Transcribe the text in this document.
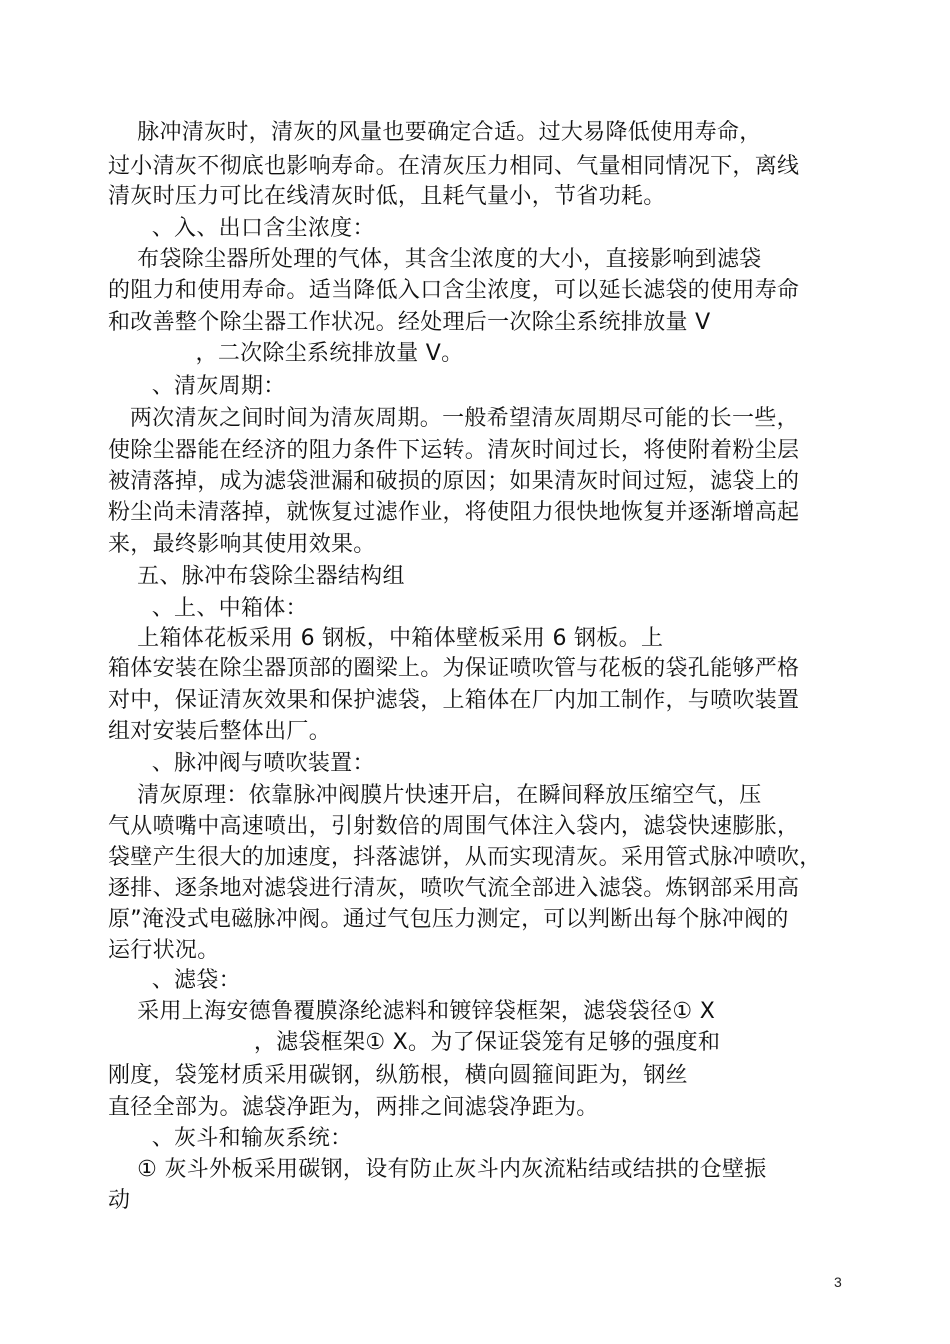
脉冲清灰时，清灰的风量也要确定合适。过大易降低使用寿命，
过小清灰不彻底也影响寿命。在清灰压力相同、气量相同情况下，离线
清灰时压力可比在线清灰时低，且耗气量小，节省功耗。
、入、出口含尘浓度：
布袋除尘器所处理的气体，其含尘浓度的大小，直接影响到滤袋
的阻力和使用寿命。适当降低入口含尘浓度，可以延长滤袋的使用寿命
和改善整个除尘器工作状况。经处理后一次除尘系统排放量 V
，二次除尘系统排放量 V。
、清灰周期：
两次清灰之间时间为清灰周期。一般希望清灰周期尽可能的长一些，
使除尘器能在经济的阻力条件下运转。清灰时间过长，将使附着粉尘层
被清落掉，成为滤袋泄漏和破损的原因；如果清灰时间过短，滤袋上的
粉尘尚未清落掉，就恢复过滤作业，将使阻力很快地恢复并逐渐增高起
来，最终影响其使用效果。
五、脉冲布袋除尘器结构组
、上、中箱体：
上箱体花板采用 6 钢板，中箱体壁板采用 6 钢板。上
箱体安装在除尘器顶部的圈梁上。为保证喷吹管与花板的袋孔能够严格
对中，保证清灰效果和保护滤袋，上箱体在厂内加工制作，与喷吹装置
组对安装后整体出厂。
、脉冲阀与喷吹装置：
清灰原理：依靠脉冲阀膜片快速开启，在瞬间释放压缩空气，压
气从喷嘴中高速喷出，引射数倍的周围气体注入袋内，滤袋快速膨胀，
袋壁产生很大的加速度，抖落滤饼，从而实现清灰。采用管式脉冲喷吹，
逐排、逐条地对滤袋进行清灰，喷吹气流全部进入滤袋。炼钢部采用高
原”淹没式电磁脉冲阀。通过气包压力测定，可以判断出每个脉冲阀的
运行状况。
、滤袋：
采用上海安德鲁覆膜涤纶滤料和镀锌袋框架，滤袋袋径① X
，滤袋框架① X。为了保证袋笼有足够的强度和
刚度，袋笼材质采用碳钢，纵筋根，横向圆箍间距为，钢丝
直径全部为。滤袋净距为，两排之间滤袋净距为。
、灰斗和输灰系统：
① 灰斗外板采用碳钢，设有防止灰斗内灰流粘结或结拱的仓壁振
动
3
